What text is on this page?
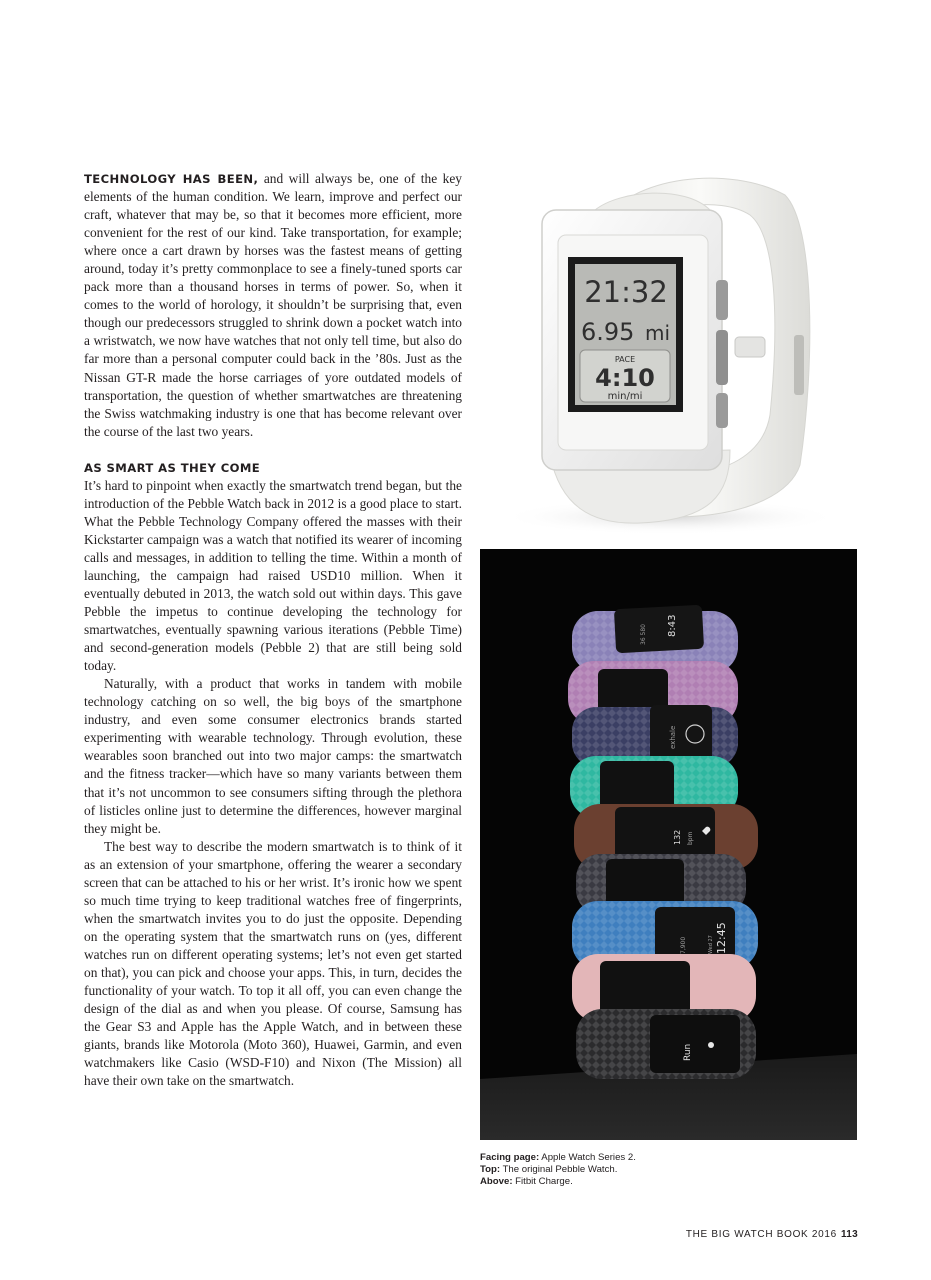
TECHNOLOGY HAS BEEN, and will always be, one of the key elements of the human condition. We learn, improve and perfect our craft, whatever that may be, so that it becomes more efficient, more convenient for the rest of our kind. Take transportation, for example; where once a cart drawn by horses was the fastest means of getting around, today it’s pretty commonplace to see a finely-tuned sports car pack more than a thousand horses in terms of power. So, when it comes to the world of horology, it shouldn’t be surprising that, even though our predecessors struggled to shrink down a pocket watch into a wristwatch, we now have watches that not only tell time, but also do far more than a personal computer could back in the ’80s. Just as the Nissan GT-R made the horse carriages of yore outdated models of transportation, the question of whether smartwatches are threatening the Swiss watchmaking industry is one that has become relevant over the course of the last two years.

AS SMART AS THEY COME

It’s hard to pinpoint when exactly the smartwatch trend began, but the introduction of the Pebble Watch back in 2012 is a good place to start. What the Pebble Technology Company offered the masses with their Kickstarter campaign was a watch that notified its wearer of incoming calls and messages, in addition to telling the time. Within a month of launching, the campaign had raised USD10 million. When it eventually debuted in 2013, the watch sold out within days. This gave Pebble the impetus to continue developing the technology for smartwatches, eventually spawning various iterations (Pebble Time) and second-generation models (Pebble 2) that are still being sold today.

Naturally, with a product that works in tandem with mobile technology catching on so well, the big boys of the smartphone industry, and even some consumer electronics brands started experimenting with wearable technology. Through evolution, these wearables soon branched out into two major camps: the smartwatch and the fitness tracker—which have so many variants between them that it’s not uncommon to see consumers sifting through the plethora of listicles online just to determine the differences, however marginal they might be.

The best way to describe the modern smartwatch is to think of it as an extension of your smartphone, offering the wearer a secondary screen that can be attached to his or her wrist. It’s ironic how we spent so much time trying to keep traditional watches free of fingerprints, when the smartwatch invites you to do just the opposite. Depending on the operating system that the smartwatch runs on (yes, different watches run on different operating systems; let’s not even get started on that), you can pick and choose your apps. This, in turn, decides the functionality of your watch. To top it all off, you can even change the design of the dial as and when you please. Of course, Samsung has the Gear S3 and Apple has the Apple Watch, and in between these giants, brands like Motorola (Moto 360), Huawei, Garmin, and even watchmakers like Casio (WSD-F10) and Nixon (The Mission) all have their own take on the smartwatch.

21:32
6.95 mi
PACE
4:10
min/mi
8:43
36 580
exhale
132 bpm
12:45
Wed 27
7,900
Run
Facing page: Apple Watch Series 2.
Top: The original Pebble Watch.
Above: Fitbit Charge.
THE BIG WATCH BOOK 2016 113
